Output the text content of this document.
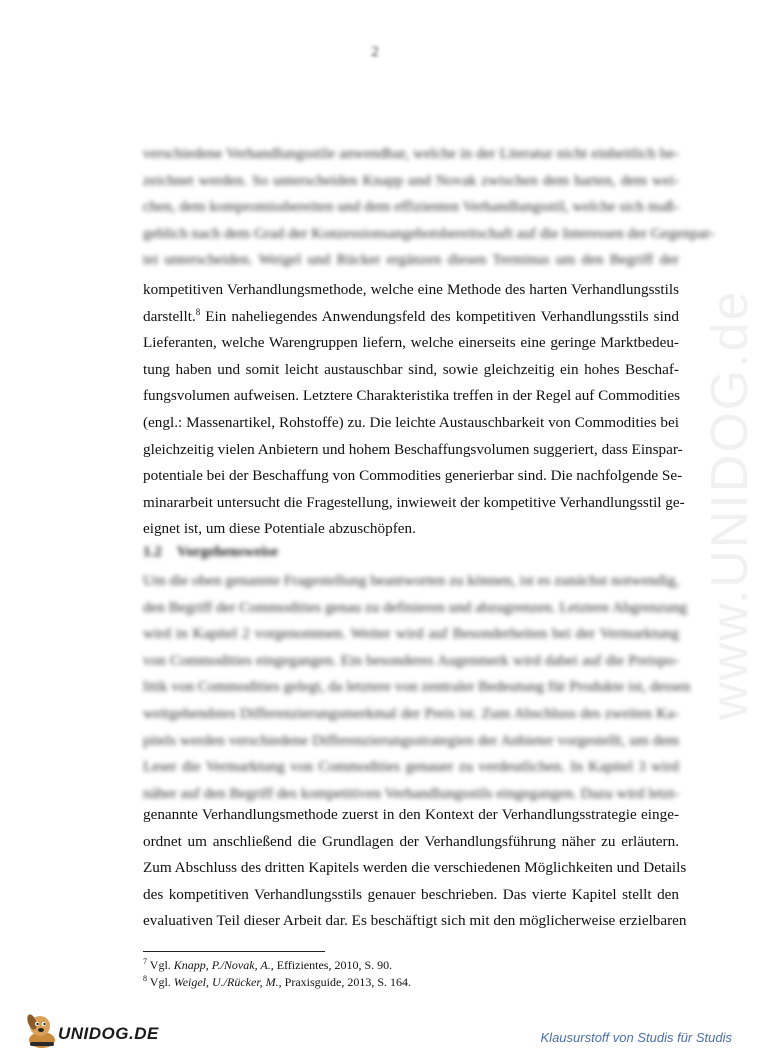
2
www.UNIDOG.de
verschiedene Verhandlungsstile anwendbar, welche in der Literatur nicht einheitlich be-
zeichnet werden. So unterscheiden Knapp und Novak zwischen dem harten, dem wei-
chen, dem kompromissbereiten und dem effizienten Verhandlungsstil, welche sich maß-
geblich nach dem Grad der Konzessionsangebotsbereitschaft auf die Interessen der Gegenpar-
tei unterscheiden. Weigel und Rücker ergänzen diesen Terminus um den Begriff der
kompetitiven Verhandlungsmethode, welche eine Methode des harten Verhandlungsstils
darstellt.$^8$ Ein naheliegendes Anwendungsfeld des kompetitiven Verhandlungsstils sind
Lieferanten, welche Warengruppen liefern, welche einerseits eine geringe Marktbedeu-
tung haben und somit leicht austauschbar sind, sowie gleichzeitig ein hohes Beschaf-
fungsvolumen aufweisen. Letztere Charakteristika treffen in der Regel auf Commodities
(engl.: Massenartikel, Rohstoffe) zu. Die leichte Austauschbarkeit von Commodities bei
gleichzeitig vielen Anbietern und hohem Beschaffungsvolumen suggeriert, dass Einspar-
potentiale bei der Beschaffung von Commodities generierbar sind. Die nachfolgende Se-
minararbeit untersucht die Fragestellung, inwieweit der kompetitive Verhandlungsstil ge-
eignet ist, um diese Potentiale abzuschöpfen.
1.2 Vorgehensweise
Um die oben genannte Fragestellung beantworten zu können, ist es zunächst notwendig,
den Begriff der Commodities genau zu definieren und abzugrenzen. Letztere Abgrenzung
wird in Kapitel 2 vorgenommen. Weiter wird auf Besonderheiten bei der Vermarktung
von Commodities eingegangen. Ein besonderes Augenmerk wird dabei auf die Preispo-
litik von Commodities gelegt, da letztere von zentraler Bedeutung für Produkte ist, dessen
weitgehendstes Differenzierungsmerkmal der Preis ist. Zum Abschluss des zweiten Ka-
pitels werden verschiedene Differenzierungsstrategien der Anbieter vorgestellt, um dem
Leser die Vermarktung von Commodities genauer zu verdeutlichen. In Kapitel 3 wird
näher auf den Begriff des kompetitiven Verhandlungsstils eingegangen. Dazu wird letzt-
genannte Verhandlungsmethode zuerst in den Kontext der Verhandlungsstrategie einge-
ordnet um anschließend die Grundlagen der Verhandlungsführung näher zu erläutern.
Zum Abschluss des dritten Kapitels werden die verschiedenen Möglichkeiten und Details
des kompetitiven Verhandlungsstils genauer beschrieben. Das vierte Kapitel stellt den
evaluativen Teil dieser Arbeit dar. Es beschäftigt sich mit den möglicherweise erzielbaren
$^7$ Vgl. Knapp, P./Novak, A., Effizientes, 2010, S. 90.
$^8$ Vgl. Weigel, U./Rücker, M., Praxisguide, 2013, S. 164.
UNIDOG.DE	Klausurstoff von Studis für Studis
